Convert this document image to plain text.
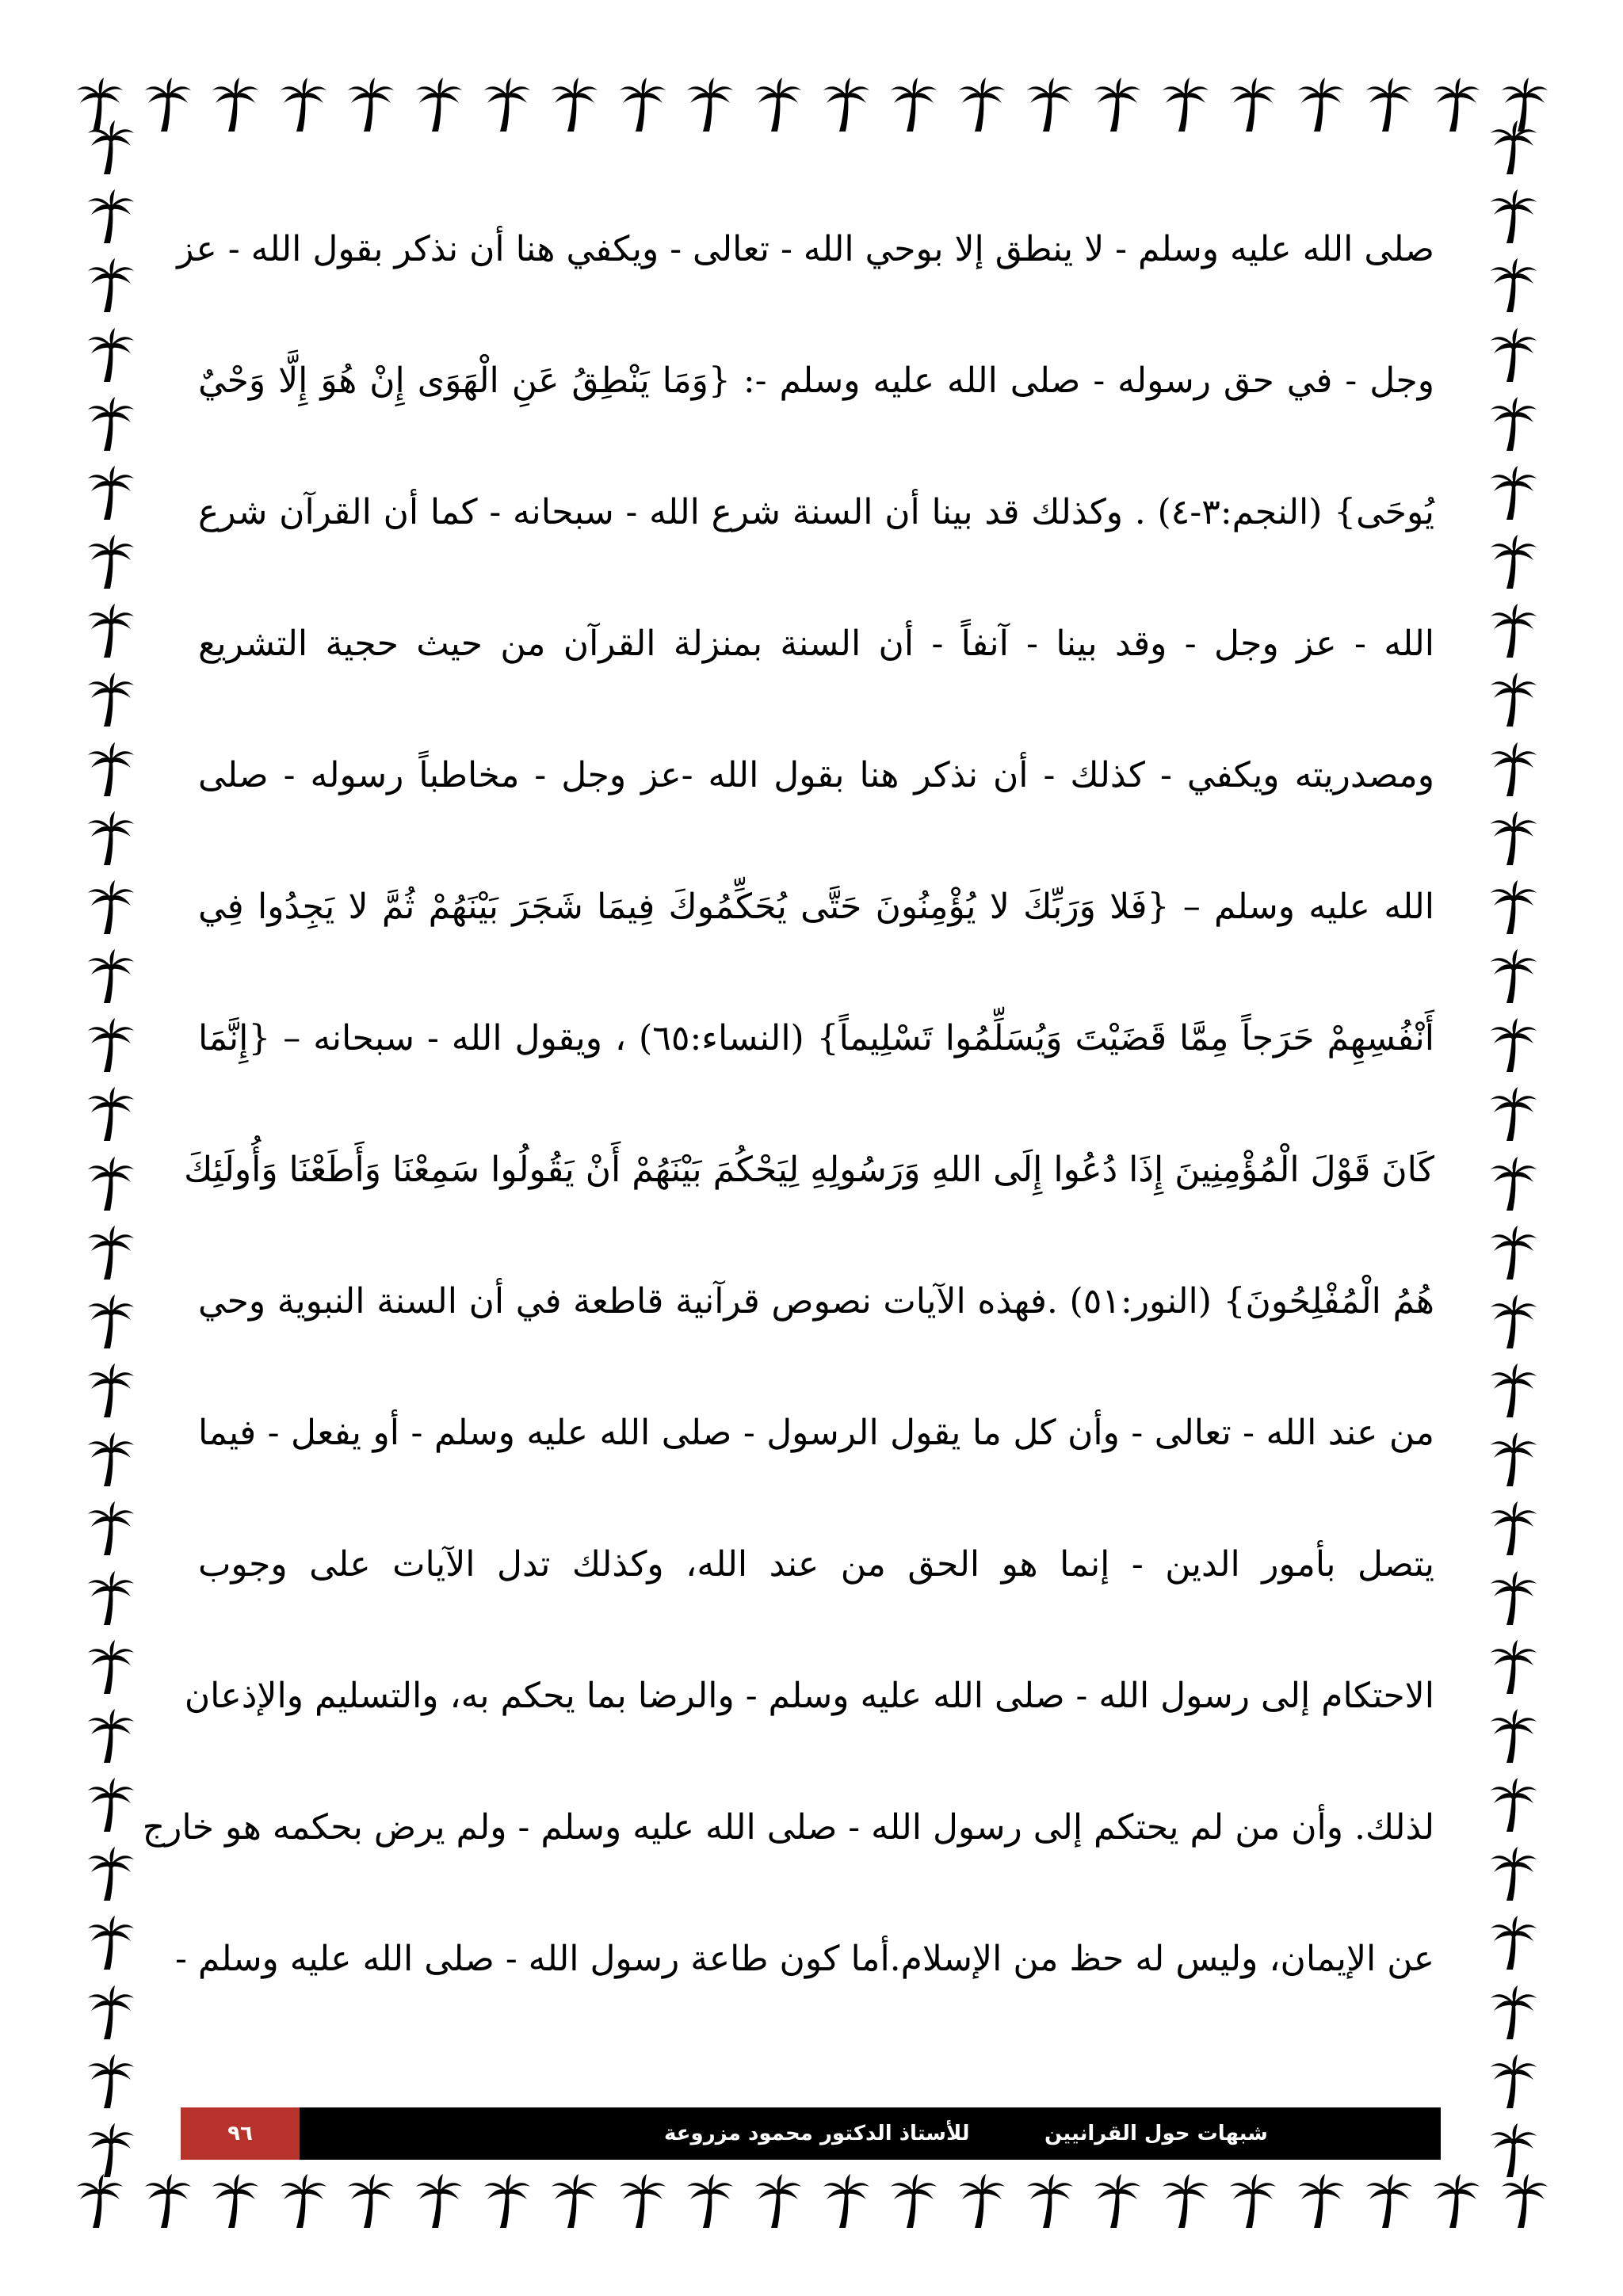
صلى الله عليه وسلم - لا ينطق إلا بوحي الله - تعالى - ويكفي هنا أن نذكر بقول الله - عز
وجل - في حق رسوله - صلى الله عليه وسلم -: {وَمَا يَنْطِقُ عَنِ الْهَوَى إِنْ هُوَ إِلَّا وَحْيٌ
يُوحَى} (النجم:٣-٤) . وكذلك قد بينا أن السنة شرع الله - سبحانه - كما أن القرآن شرع
الله - عز وجل - وقد بينا - آنفاً - أن السنة بمنزلة القرآن من حيث حجية التشريع
ومصدريته ويكفي - كذلك - أن نذكر هنا بقول الله -عز وجل - مخاطباً رسوله - صلى
الله عليه وسلم – {فَلا وَرَبِّكَ لا يُؤْمِنُونَ حَتَّى يُحَكِّمُوكَ فِيمَا شَجَرَ بَيْنَهُمْ ثُمَّ لا يَجِدُوا فِي
أَنْفُسِهِمْ حَرَجاً مِمَّا قَضَيْتَ وَيُسَلِّمُوا تَسْلِيماً} (النساء:٦٥) ، ويقول الله - سبحانه – {إِنَّمَا
كَانَ قَوْلَ الْمُؤْمِنِينَ إِذَا دُعُوا إِلَى اللهِ وَرَسُولِهِ لِيَحْكُمَ بَيْنَهُمْ أَنْ يَقُولُوا سَمِعْنَا وَأَطَعْنَا وَأُولَئِكَ
هُمُ الْمُفْلِحُونَ} (النور:٥١) .فهذه الآيات نصوص قرآنية قاطعة في أن السنة النبوية وحي
من عند الله - تعالى - وأن كل ما يقول الرسول - صلى الله عليه وسلم - أو يفعل - فيما
يتصل بأمور الدين - إنما هو الحق من عند الله، وكذلك تدل الآيات على وجوب
الاحتكام إلى رسول الله - صلى الله عليه وسلم - والرضا بما يحكم به، والتسليم والإذعان
لذلك. وأن من لم يحتكم إلى رسول الله - صلى الله عليه وسلم - ولم يرض بحكمه هو خارج
عن الإيمان، وليس له حظ من الإسلام.أما كون طاعة رسول الله - صلى الله عليه وسلم -
٩٦	للأستاذ الدكتور محمود مزروعة	شبهات حول القرانيين
